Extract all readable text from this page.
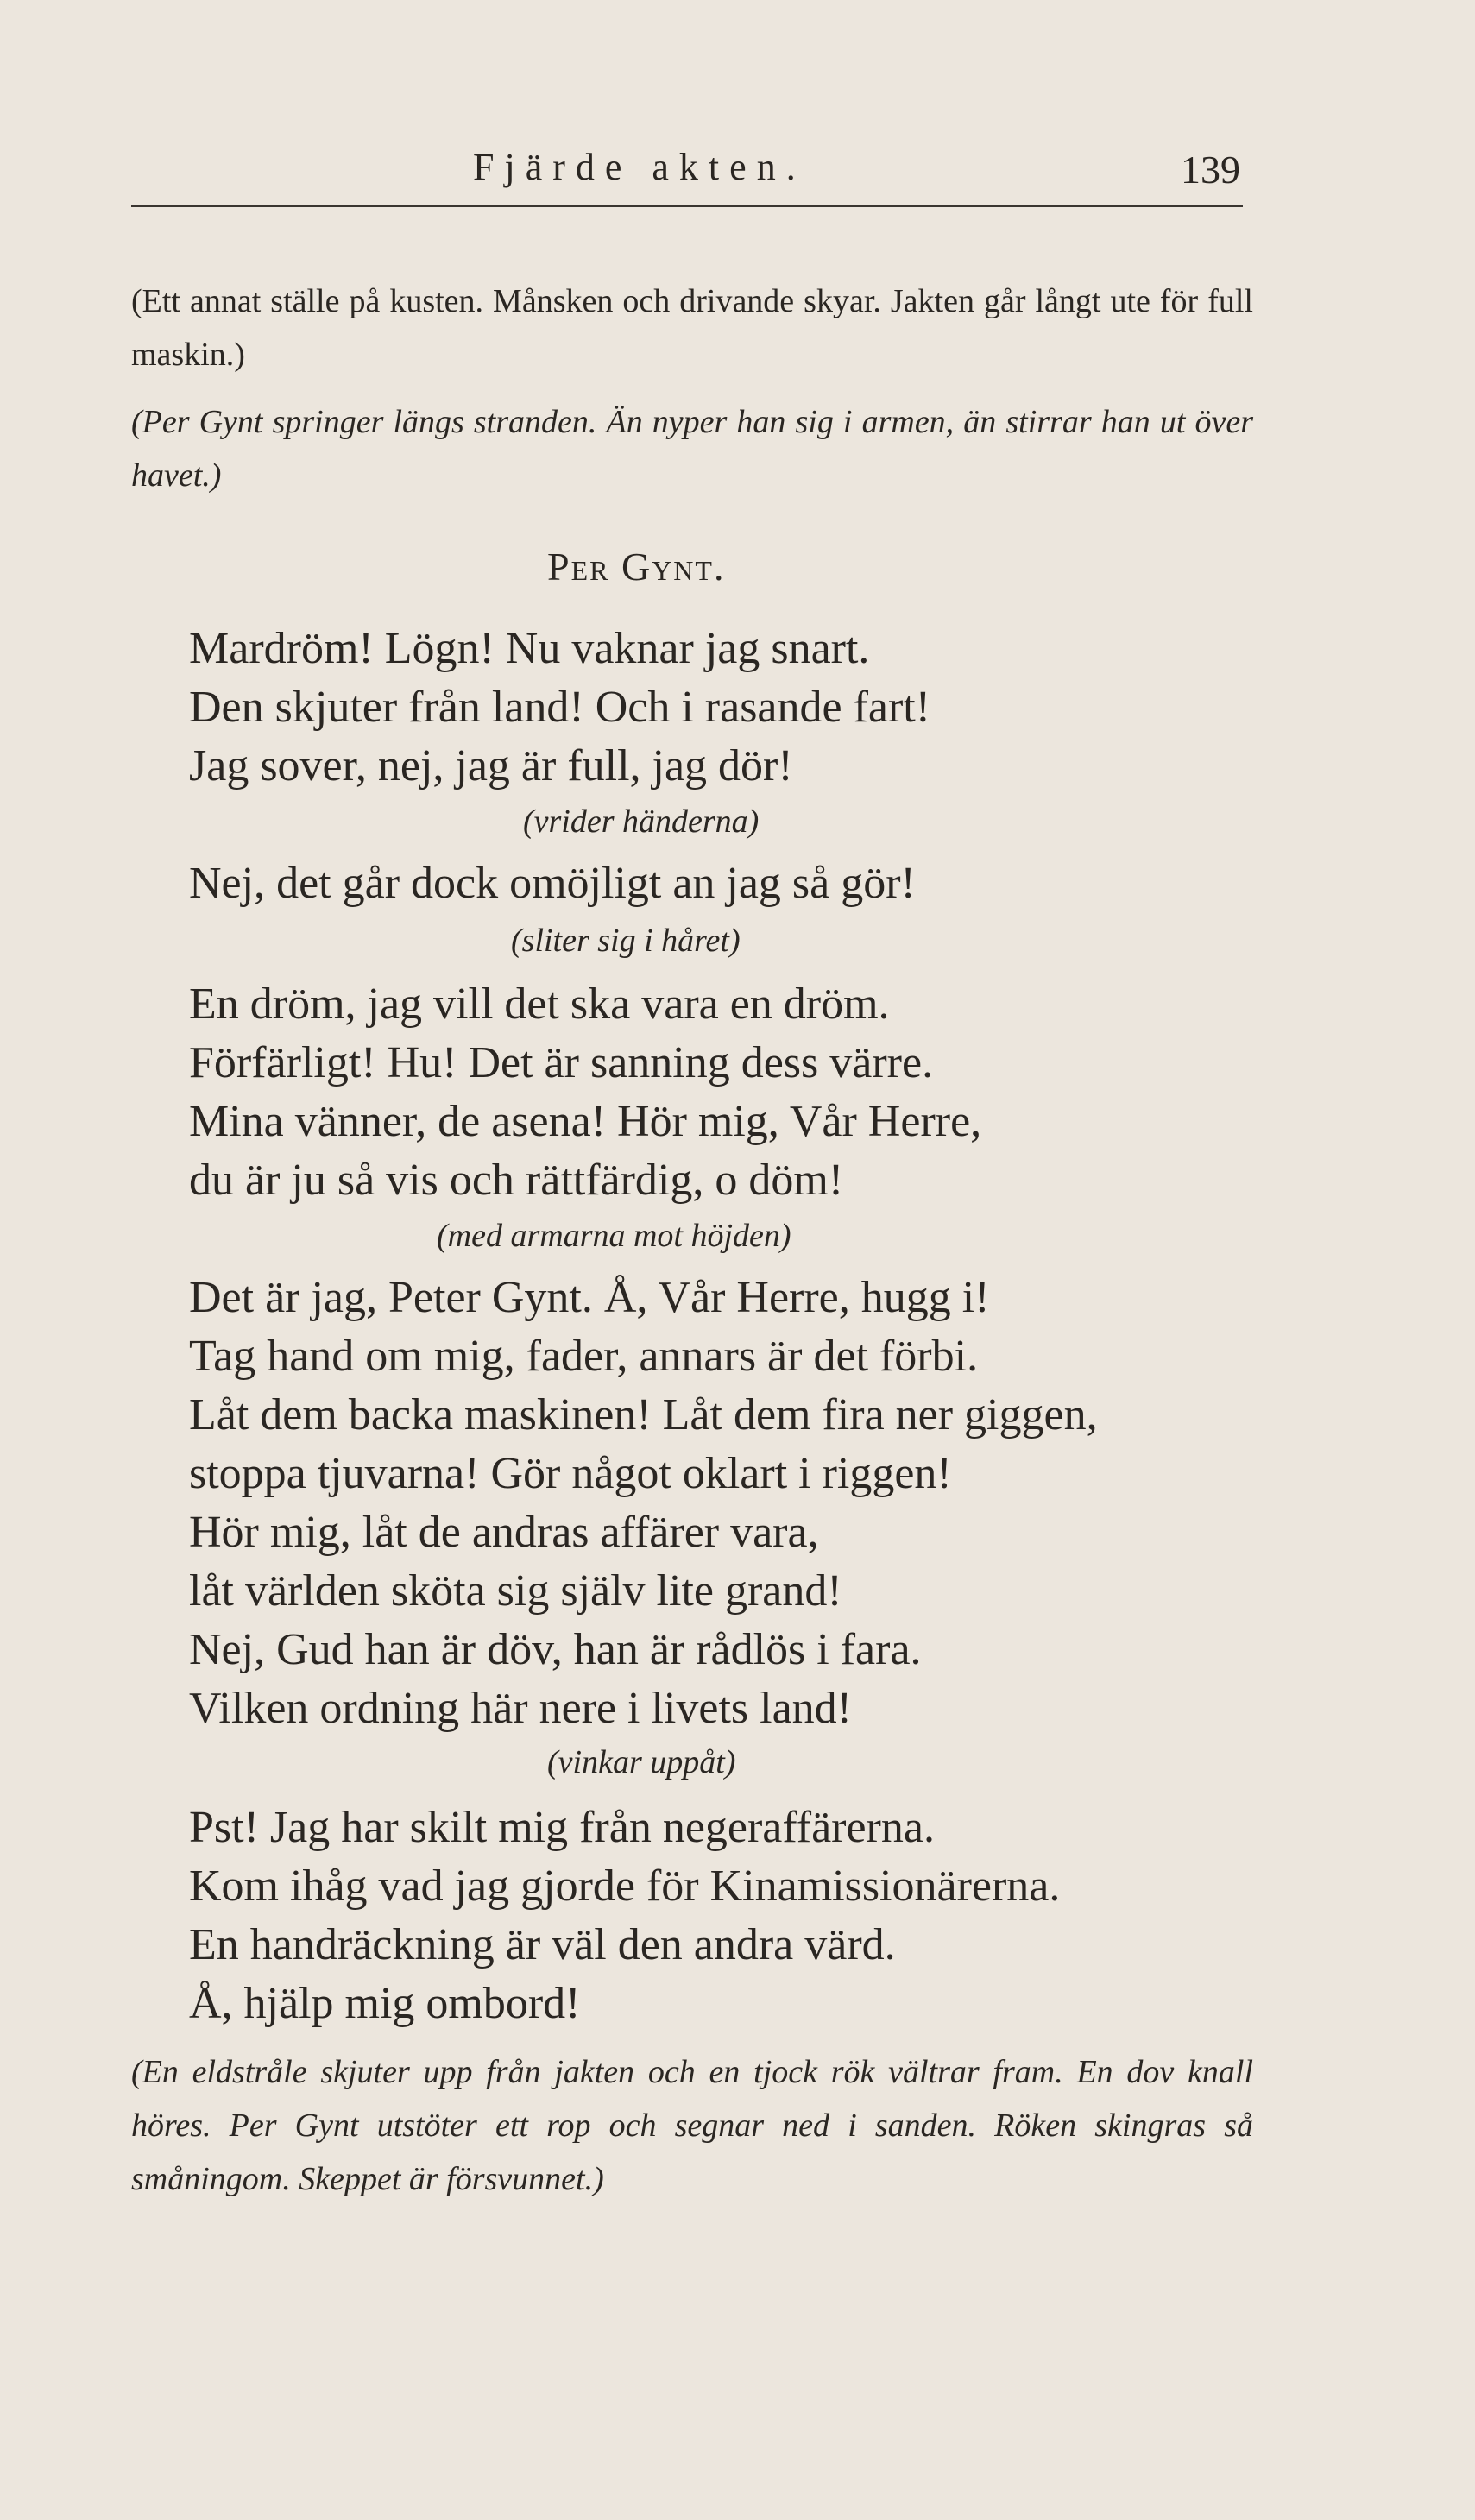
Fjärde akten.	139
(Ett annat ställe på kusten. Månsken och drivande skyar. Jakten går långt ute för full maskin.)
(Per Gynt springer längs stranden. Än nyper han sig i armen, än stirrar han ut över havet.)
Per Gynt.
Mardröm! Lögn! Nu vaknar jag snart.
Den skjuter från land! Och i rasande fart!
Jag sover, nej, jag är full, jag dör!
(vrider händerna)
Nej, det går dock omöjligt an jag så gör!
(sliter sig i håret)
En dröm, jag vill det ska vara en dröm.
Förfärligt! Hu! Det är sanning dess värre.
Mina vänner, de asena! Hör mig, Vår Herre,
du är ju så vis och rättfärdig, o döm!
(med armarna mot höjden)
Det är jag, Peter Gynt. Å, Vår Herre, hugg i!
Tag hand om mig, fader, annars är det förbi.
Låt dem backa maskinen! Låt dem fira ner giggen,
stoppa tjuvarna! Gör något oklart i riggen!
Hör mig, låt de andras affärer vara,
låt världen sköta sig själv lite grand!
Nej, Gud han är döv, han är rådlös i fara.
Vilken ordning här nere i livets land!
(vinkar uppåt)
Pst! Jag har skilt mig från negeraffärerna.
Kom ihåg vad jag gjorde för Kinamissionärerna.
En handräckning är väl den andra värd.
Å, hjälp mig ombord!
(En eldstråle skjuter upp från jakten och en tjock rök vältrar fram. En dov knall höres. Per Gynt utstöter ett rop och segnar ned i sanden. Röken skingras så småningom. Skeppet är försvunnet.)
